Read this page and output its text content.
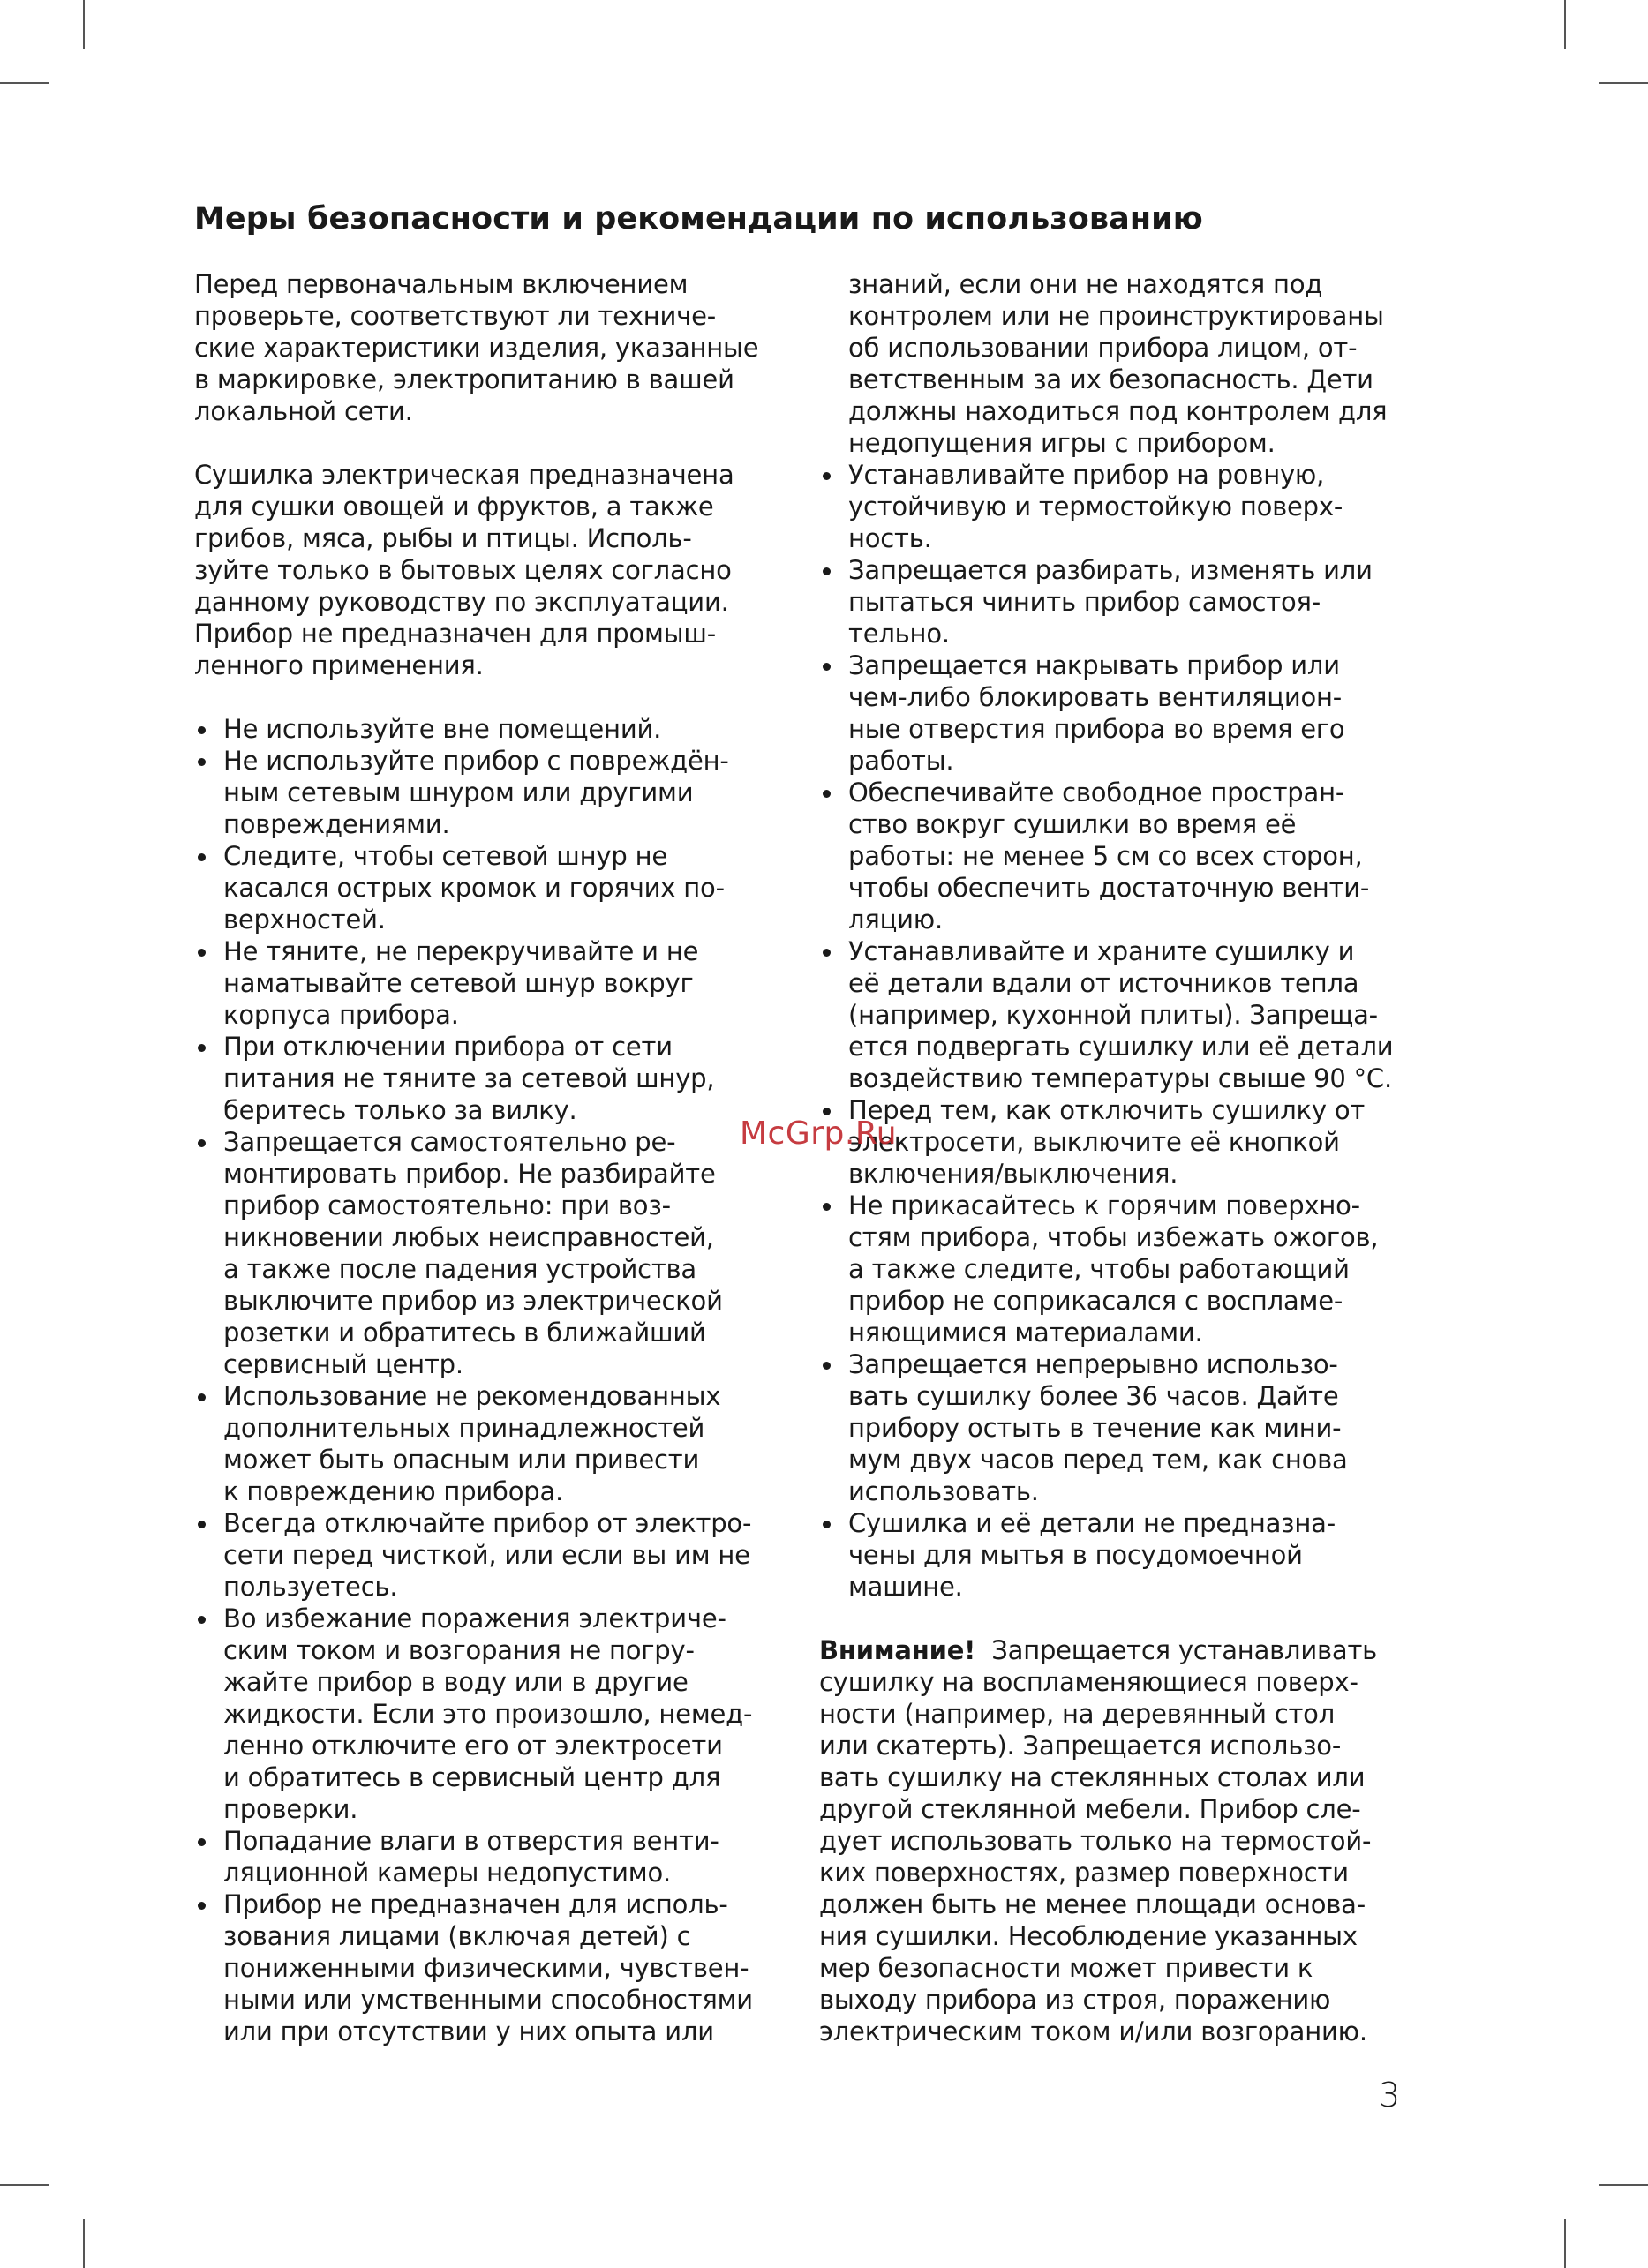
Меры безопасности и рекомендации по использованию

Перед первоначальным включением
проверьте, соответствуют ли техниче-
ские характеристики изделия, указанные
в маркировке, электропитанию в вашей
локальной сети.

Сушилка электрическая предназначена
для сушки овощей и фруктов, а также
грибов, мяса, рыбы и птицы. Исполь-
зуйте только в бытовых целях согласно
данному руководству по эксплуатации.
Прибор не предназначен для промыш-
ленного применения.

Не используйте вне помещений.
Не используйте прибор с повреждён-
ным сетевым шнуром или другими
повреждениями.
Следите, чтобы сетевой шнур не
касался острых кромок и горячих по-
верхностей.
Не тяните, не перекручивайте и не
наматывайте сетевой шнур вокруг
корпуса прибора.
При отключении прибора от сети
питания не тяните за сетевой шнур,
беритесь только за вилку.
Запрещается самостоятельно ре-
монтировать прибор. Не разбирайте
прибор самостоятельно: при воз-
никновении любых неисправностей,
а также после падения устройства
выключите прибор из электрической
розетки и обратитесь в ближайший
сервисный центр.
Использование не рекомендованных
дополнительных принадлежностей
может быть опасным или привести
к повреждению прибора.
Всегда отключайте прибор от электро-
сети перед чисткой, или если вы им не
пользуетесь.
Во избежание поражения электриче-
ским током и возгорания не погру-
жайте прибор в воду или в другие
жидкости. Если это произошло, немед-
ленно отключите его от электросети
и обратитесь в сервисный центр для
проверки.
Попадание влаги в отверстия венти-
ляционной камеры недопустимо.
Прибор не предназначен для исполь-
зования лицами (включая детей) с
пониженными физическими, чувствен-
ными или умственными способностями
или при отсутствии у них опыта или
знаний, если они не находятся под
контролем или не проинструктированы
об использовании прибора лицом, от-
ветственным за их безопасность. Дети
должны находиться под контролем для
недопущения игры с прибором.
Устанавливайте прибор на ровную,
устойчивую и термостойкую поверх-
ность.
Запрещается разбирать, изменять или
пытаться чинить прибор самостоя-
тельно.
Запрещается накрывать прибор или
чем-либо блокировать вентиляцион-
ные отверстия прибора во время его
работы.
Обеспечивайте свободное простран-
ство вокруг сушилки во время её
работы: не менее 5 см со всех сторон,
чтобы обеспечить достаточную венти-
ляцию.
Устанавливайте и храните сушилку и
её детали вдали от источников тепла
(например, кухонной плиты). Запреща-
ется подвергать сушилку или её детали
воздействию температуры свыше 90 °С.
Перед тем, как отключить сушилку от
электросети, выключите её кнопкой
включения/выключения.
Не прикасайтесь к горячим поверхно-
стям прибора, чтобы избежать ожогов,
а также следите, чтобы работающий
прибор не соприкасался с воспламе-
няющимися материалами.
Запрещается непрерывно использо-
вать сушилку более 36 часов. Дайте
прибору остыть в течение как мини-
мум двух часов перед тем, как снова
использовать.
Сушилка и её детали не предназна-
чены для мытья в посудомоечной
машине.

Внимание! Запрещается устанавливать
сушилку на воспламеняющиеся поверх-
ности (например, на деревянный стол
или скатерть). Запрещается использо-
вать сушилку на стеклянных столах или
другой стеклянной мебели. Прибор сле-
дует использовать только на термостой-
ких поверхностях, размер поверхности
должен быть не менее площади основа-
ния сушилки. Несоблюдение указанных
мер безопасности может привести к
выходу прибора из строя, поражению
электрическим током и/или возгоранию.

McGrp.Ru
3
